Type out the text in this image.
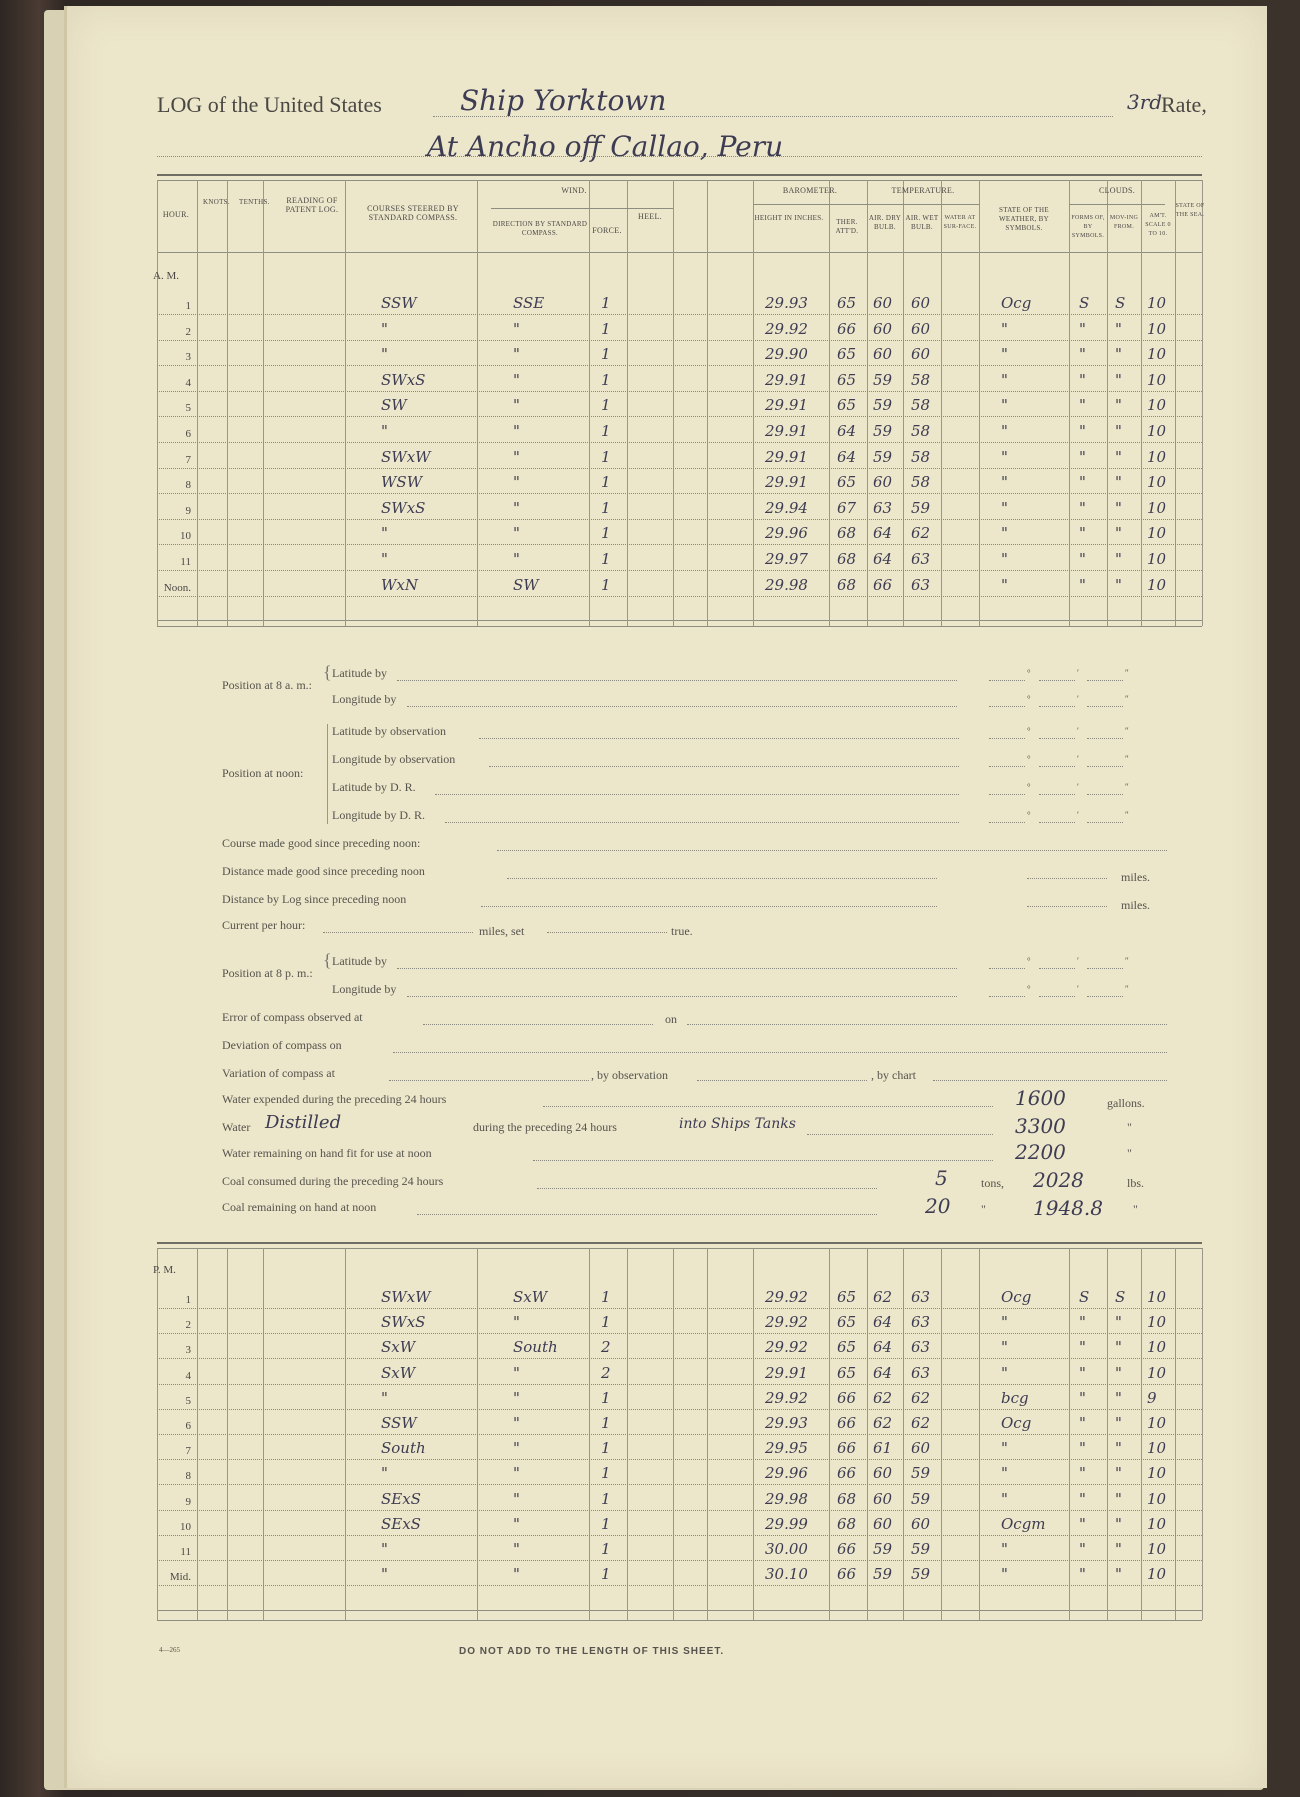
LOG of the United States	Ship Yorktown	3rd
Rate,
At Ancho off Callao, Peru
HOUR.
KNOTS. TENTHS.	READING OF PATENT LOG.	COURSES STEERED BY STANDARD COMPASS.
WIND.
DIRECTION BY STANDARD COMPASS.	FORCE.
HEEL.
BAROMETER.
HEIGHT IN INCHES.	THER. ATT'D.
TEMPERATURE.
AIR. DRY BULB.
AIR. WET BULB.
WATER AT SUR-FACE.
STATE OF THE WEATHER, BY SYMBOLS.
CLOUDS.
FORMS OF, BY SYMBOLS.
MOV-ING FROM.
AM'T. SCALE 0 TO 10.
STATE OF THE SEA.
A. M.
1	SSW	SSE	1	29.93 65 60 60	Ocg	S S 10
2	"	"	1	29.92 66 60 60	"	" " 10
3	"	"	1	29.90 65 60 60	"	" " 10
4	SWxS	"	1	29.91 65 59 58	"	" " 10
5	SW	"	1	29.91 65 59 58	"	" " 10
6	"	"	1	29.91 64 59 58	"	" " 10
7	SWxW	"	1	29.91 64 59 58	"	" " 10
8	WSW	"	1	29.91 65 60 58	"	" " 10
9	SWxS	"	1	29.94 67 63 59	"	" " 10
10	"	"	1	29.96 68 64 62	"	" " 10
11	"	"	1	29.97 68 64 63	"	" " 10
Noon.	WxN	SW	1	29.98 68 66 63	"	" " 10
Position at 8 a. m.:
{ Latitude by
Longitude by
Position at noon:
Latitude by observation
Longitude by observation
Latitude by D. R.
Longitude by D. R.
°	′	″
°	′	″
°	′	″
°	′	″
°	′	″
°	′	″
°	′	″
°	′	″
Course made good since preceding noon:
Distance made good since preceding noon	miles.
Distance by Log since preceding noon	miles.
Current per hour:	miles, set	true.
Position at 8 p. m.:
{ Latitude by
Longitude by
Error of compass observed at	on
Deviation of compass on
Variation of compass at	, by observation	, by chart
Water expended during the preceding 24 hours	1600	gallons.
Water Distilled	during the preceding 24 hours	into Ships Tanks	3300	"
Water remaining on hand fit for use at noon	2200	"
Coal consumed during the preceding 24 hours	5	tons, 2028	lbs.
Coal remaining on hand at noon	20	" 1948.8	"
P. M.
1	SWxW	SxW	1	29.92 65 62 63	Ocg	S S 10
2	SWxS	"	1	29.92 65 64 63	"	" " 10
3	SxW	South	2	29.92 65 64 63	"	" " 10
4	SxW	"	2	29.91 65 64 63	"	" " 10
5	"	"	1	29.92 66 62 62	bcg	" " 9
6	SSW	"	1	29.93 66 62 62	Ocg	" " 10
7	South	"	1	29.95 66 61 60	"	" " 10
8	"	"	1	29.96 66 60 59	"	" " 10
9	SExS	"	1	29.98 68 60 59	"	" " 10
10	SExS	"	1	29.99 68 60 60	Ocgm " " 10
11	"	"	1	30.00 66 59 59	"	" " 10
Mid.	"	"	1	30.10 66 59 59	"	" " 10
4—265	DO NOT ADD TO THE LENGTH OF THIS SHEET.
